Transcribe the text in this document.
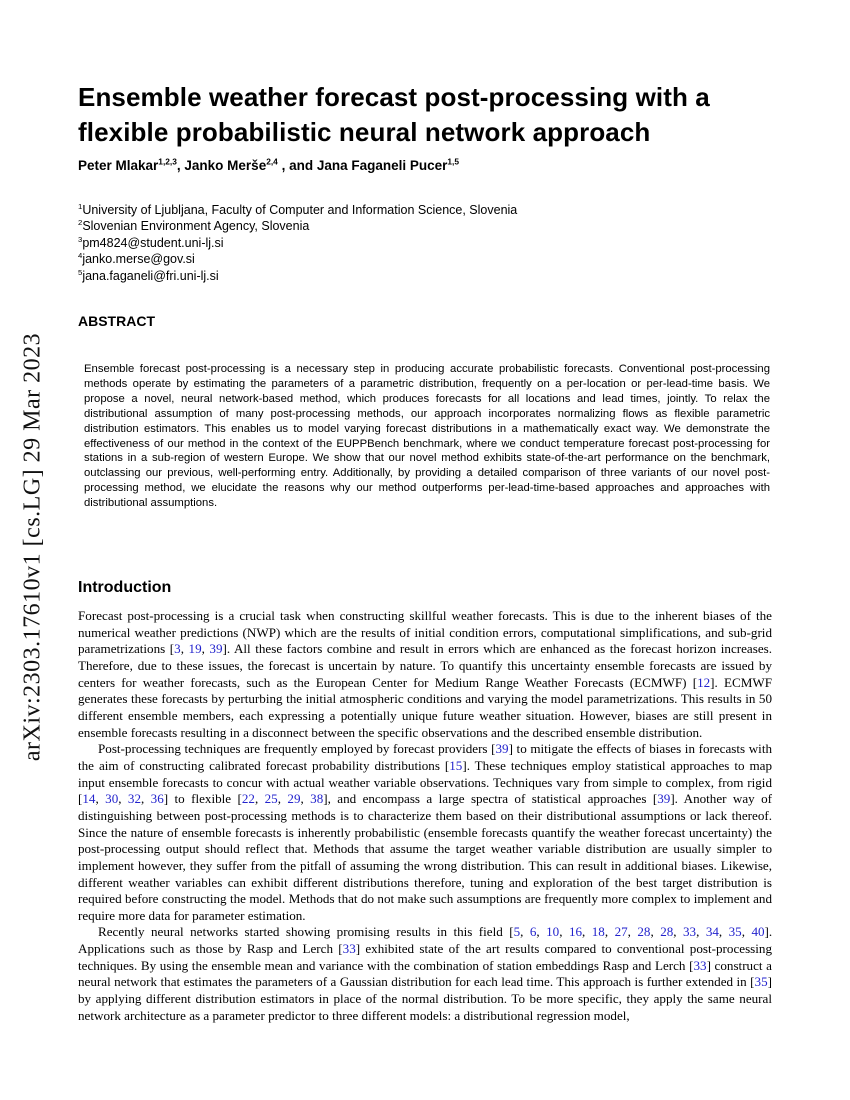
arXiv:2303.17610v1 [cs.LG] 29 Mar 2023
Ensemble weather forecast post-processing with a
flexible probabilistic neural network approach
Peter Mlakar$^{1,2,3}$, Janko Merše$^{2,4}$ , and Jana Faganeli Pucer$^{1,5}$
$^1$University of Ljubljana, Faculty of Computer and Information Science, Slovenia
$^2$Slovenian Environment Agency, Slovenia
$^3$pm4824@student.uni-lj.si
$^4$janko.merse@gov.si
$^5$jana.faganeli@fri.uni-lj.si
ABSTRACT
Ensemble forecast post-processing is a necessary step in producing accurate probabilistic forecasts. Conventional post-processing methods operate by estimating the parameters of a parametric distribution, frequently on a per-location or per-lead-time basis. We propose a novel, neural network-based method, which produces forecasts for all locations and lead times, jointly. To relax the distributional assumption of many post-processing methods, our approach incorporates normalizing flows as flexible parametric distribution estimators. This enables us to model varying forecast distributions in a mathematically exact way. We demonstrate the effectiveness of our method in the context of the EUPPBench benchmark, where we conduct temperature forecast post-processing for stations in a sub-region of western Europe. We show that our novel method exhibits state-of-the-art performance on the benchmark, outclassing our previous, well-performing entry. Additionally, by providing a detailed comparison of three variants of our novel post-processing method, we elucidate the reasons why our method outperforms per-lead-time-based approaches and approaches with distributional assumptions.
Introduction

Forecast post-processing is a crucial task when constructing skillful weather forecasts. This is due to the inherent biases of the numerical weather predictions (NWP) which are the results of initial condition errors, computational simplifications, and sub-grid parametrizations [3, 19, 39]. All these factors combine and result in errors which are enhanced as the forecast horizon increases. Therefore, due to these issues, the forecast is uncertain by nature. To quantify this uncertainty ensemble forecasts are issued by centers for weather forecasts, such as the European Center for Medium Range Weather Forecasts (ECMWF) [12]. ECMWF generates these forecasts by perturbing the initial atmospheric conditions and varying the model parametrizations. This results in 50 different ensemble members, each expressing a potentially unique future weather situation. However, biases are still present in ensemble forecasts resulting in a disconnect between the specific observations and the described ensemble distribution.

Post-processing techniques are frequently employed by forecast providers [39] to mitigate the effects of biases in forecasts with the aim of constructing calibrated forecast probability distributions [15]. These techniques employ statistical approaches to map input ensemble forecasts to concur with actual weather variable observations. Techniques vary from simple to complex, from rigid [14, 30, 32, 36] to flexible [22, 25, 29, 38], and encompass a large spectra of statistical approaches [39]. Another way of distinguishing between post-processing methods is to characterize them based on their distributional assumptions or lack thereof. Since the nature of ensemble forecasts is inherently probabilistic (ensemble forecasts quantify the weather forecast uncertainty) the post-processing output should reflect that. Methods that assume the target weather variable distribution are usually simpler to implement however, they suffer from the pitfall of assuming the wrong distribution. This can result in additional biases. Likewise, different weather variables can exhibit different distributions therefore, tuning and exploration of the best target distribution is required before constructing the model. Methods that do not make such assumptions are frequently more complex to implement and require more data for parameter estimation.

Recently neural networks started showing promising results in this field [5, 6, 10, 16, 18, 27, 28, 28, 33, 34, 35, 40]. Applications such as those by Rasp and Lerch [33] exhibited state of the art results compared to conventional post-processing techniques. By using the ensemble mean and variance with the combination of station embeddings Rasp and Lerch [33] construct a neural network that estimates the parameters of a Gaussian distribution for each lead time. This approach is further extended in [35] by applying different distribution estimators in place of the normal distribution. To be more specific, they apply the same neural network architecture as a parameter predictor to three different models: a distributional regression model,
